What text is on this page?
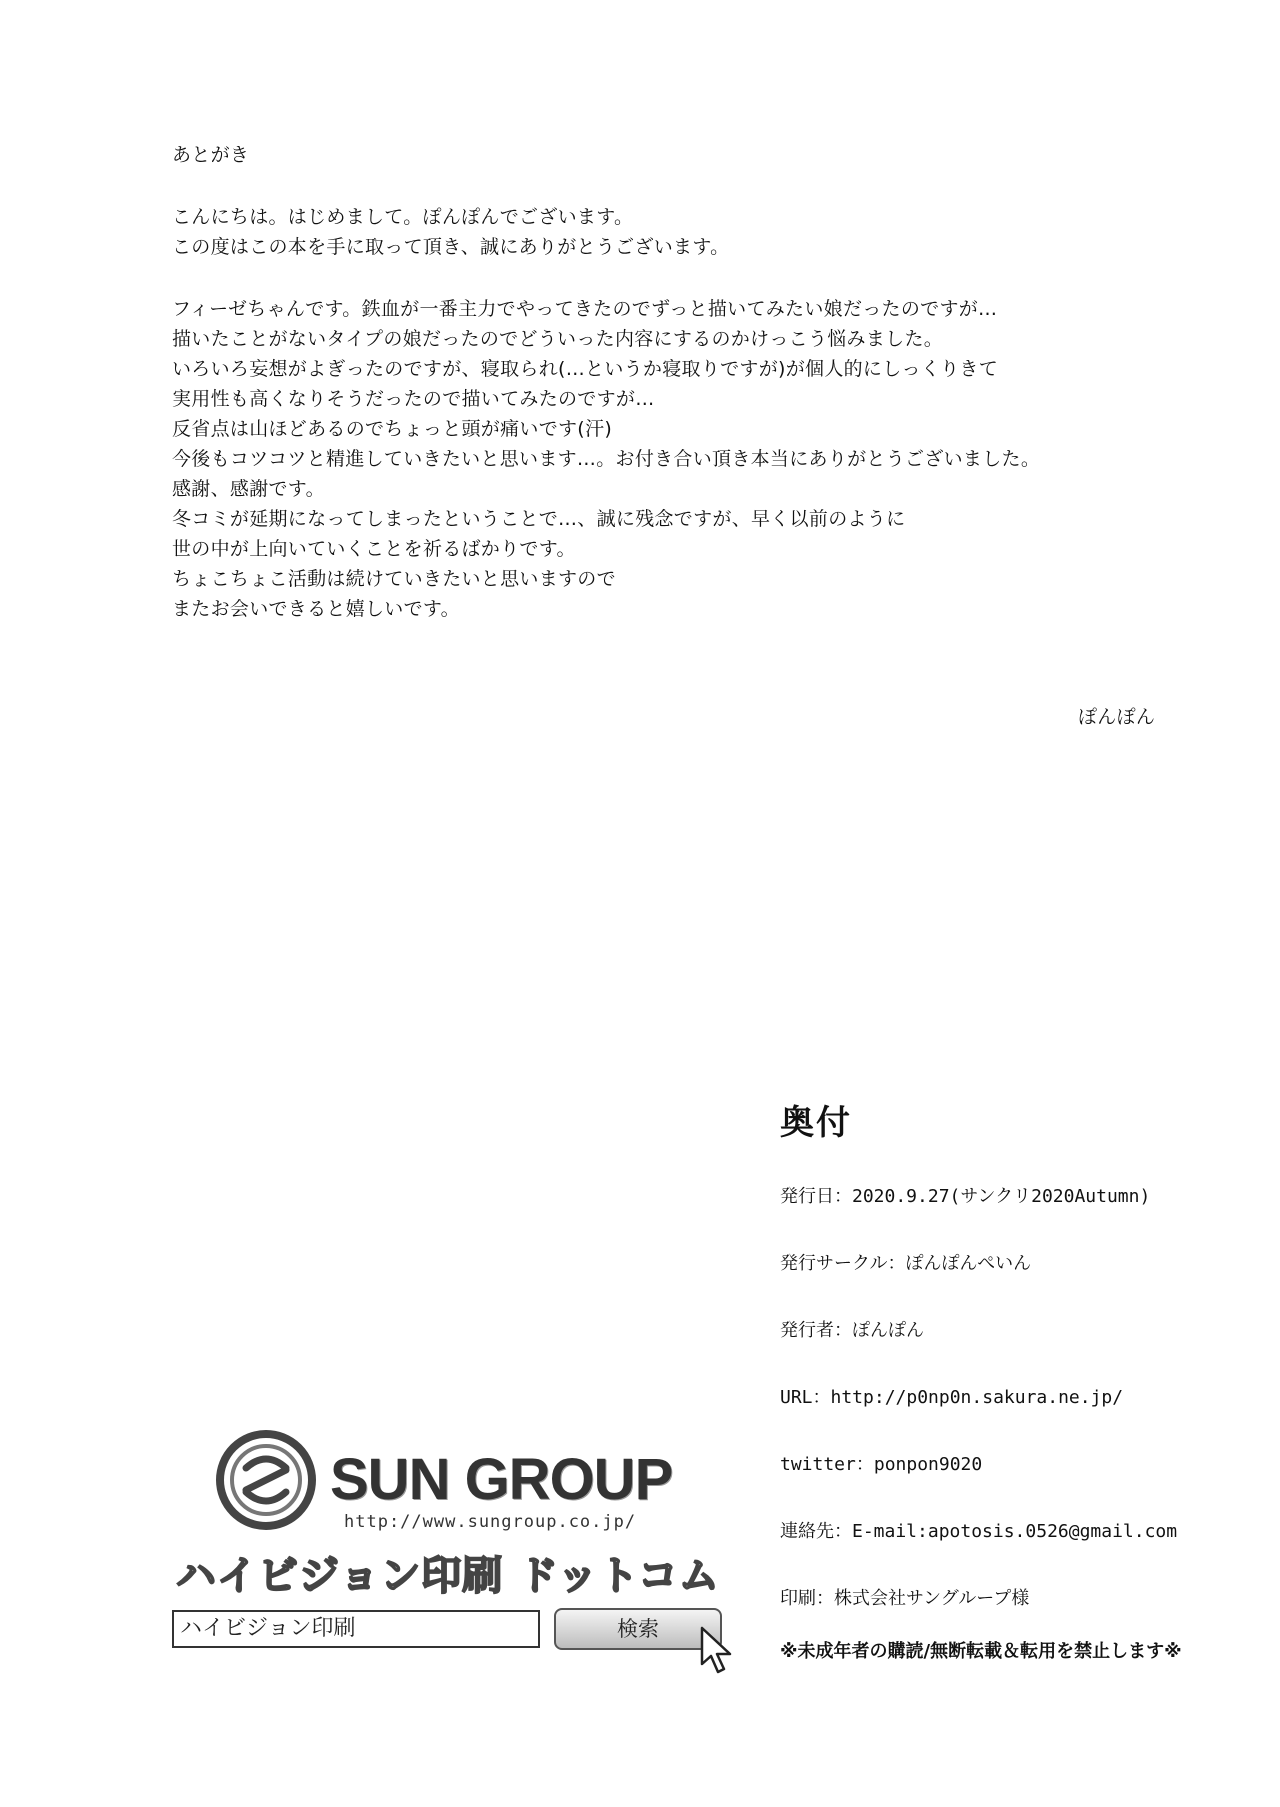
あとがき
こんにちは。はじめまして。ぽんぽんでございます。
この度はこの本を手に取って頂き、誠にありがとうございます。
フィーゼちゃんです。鉄血が一番主力でやってきたのでずっと描いてみたい娘だったのですが…
描いたことがないタイプの娘だったのでどういった内容にするのかけっこう悩みました。
いろいろ妄想がよぎったのですが、寝取られ(…というか寝取りですが)が個人的にしっくりきて
実用性も高くなりそうだったので描いてみたのですが…
反省点は山ほどあるのでちょっと頭が痛いです(汗)
今後もコツコツと精進していきたいと思います…。お付き合い頂き本当にありがとうございました。
感謝、感謝です。
冬コミが延期になってしまったということで…、誠に残念ですが、早く以前のように
世の中が上向いていくことを祈るばかりです。
ちょこちょこ活動は続けていきたいと思いますので
またお会いできると嬉しいです。
ぽんぽん
奥付
発行日：2020.9.27(サンクリ2020Autumn)
発行サークル：ぽんぽんぺいん
発行者：ぽんぽん
URL：http://p0np0n.sakura.ne.jp/
twitter：ponpon9020
連絡先：E-mail:apotosis.0526@gmail.com
印刷：株式会社サングループ様
※未成年者の購読/無断転載＆転用を禁止します※
SUN GROUP
http://www.sungroup.co.jp/
ハイビジョン印刷 ドットコム
ハイビジョン印刷	検索
